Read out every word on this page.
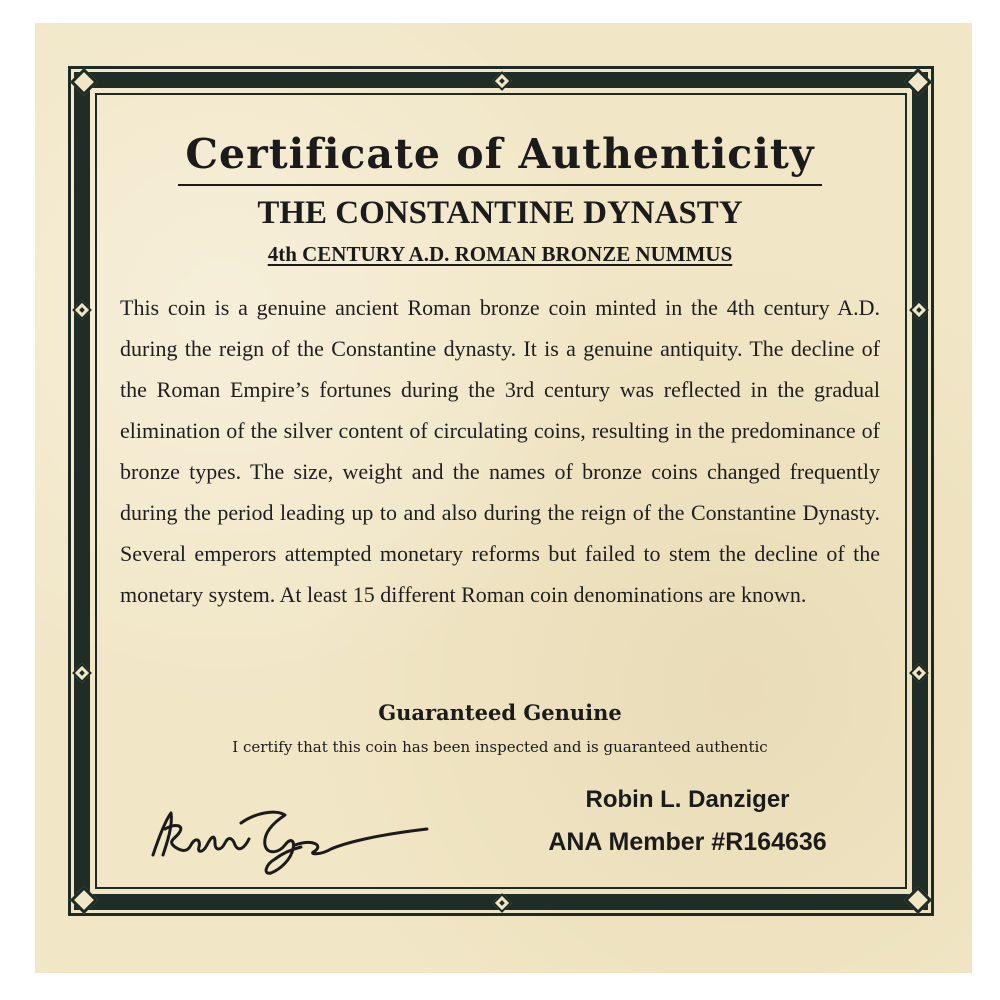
Certificate of Authenticity
THE CONSTANTINE DYNASTY
4th CENTURY A.D. ROMAN BRONZE NUMMUS

This coin is a genuine ancient Roman bronze coin minted in the 4th century A.D. during the reign of the Constantine dynasty. It is a genuine antiquity. The decline of the Roman Empire’s fortunes during the 3rd century was reflected in the gradual elimination of the silver content of circulating coins, resulting in the predominance of bronze types. The size, weight and the names of bronze coins changed frequently during the period leading up to and also during the reign of the Constantine Dynasty. Several emperors attempted monetary reforms but failed to stem the decline of the monetary system. At least 15 different Roman coin denominations are known.

Guaranteed Genuine
I certify that this coin has been inspected and is guaranteed authentic
Robin L. Danziger
ANA Member #R164636
